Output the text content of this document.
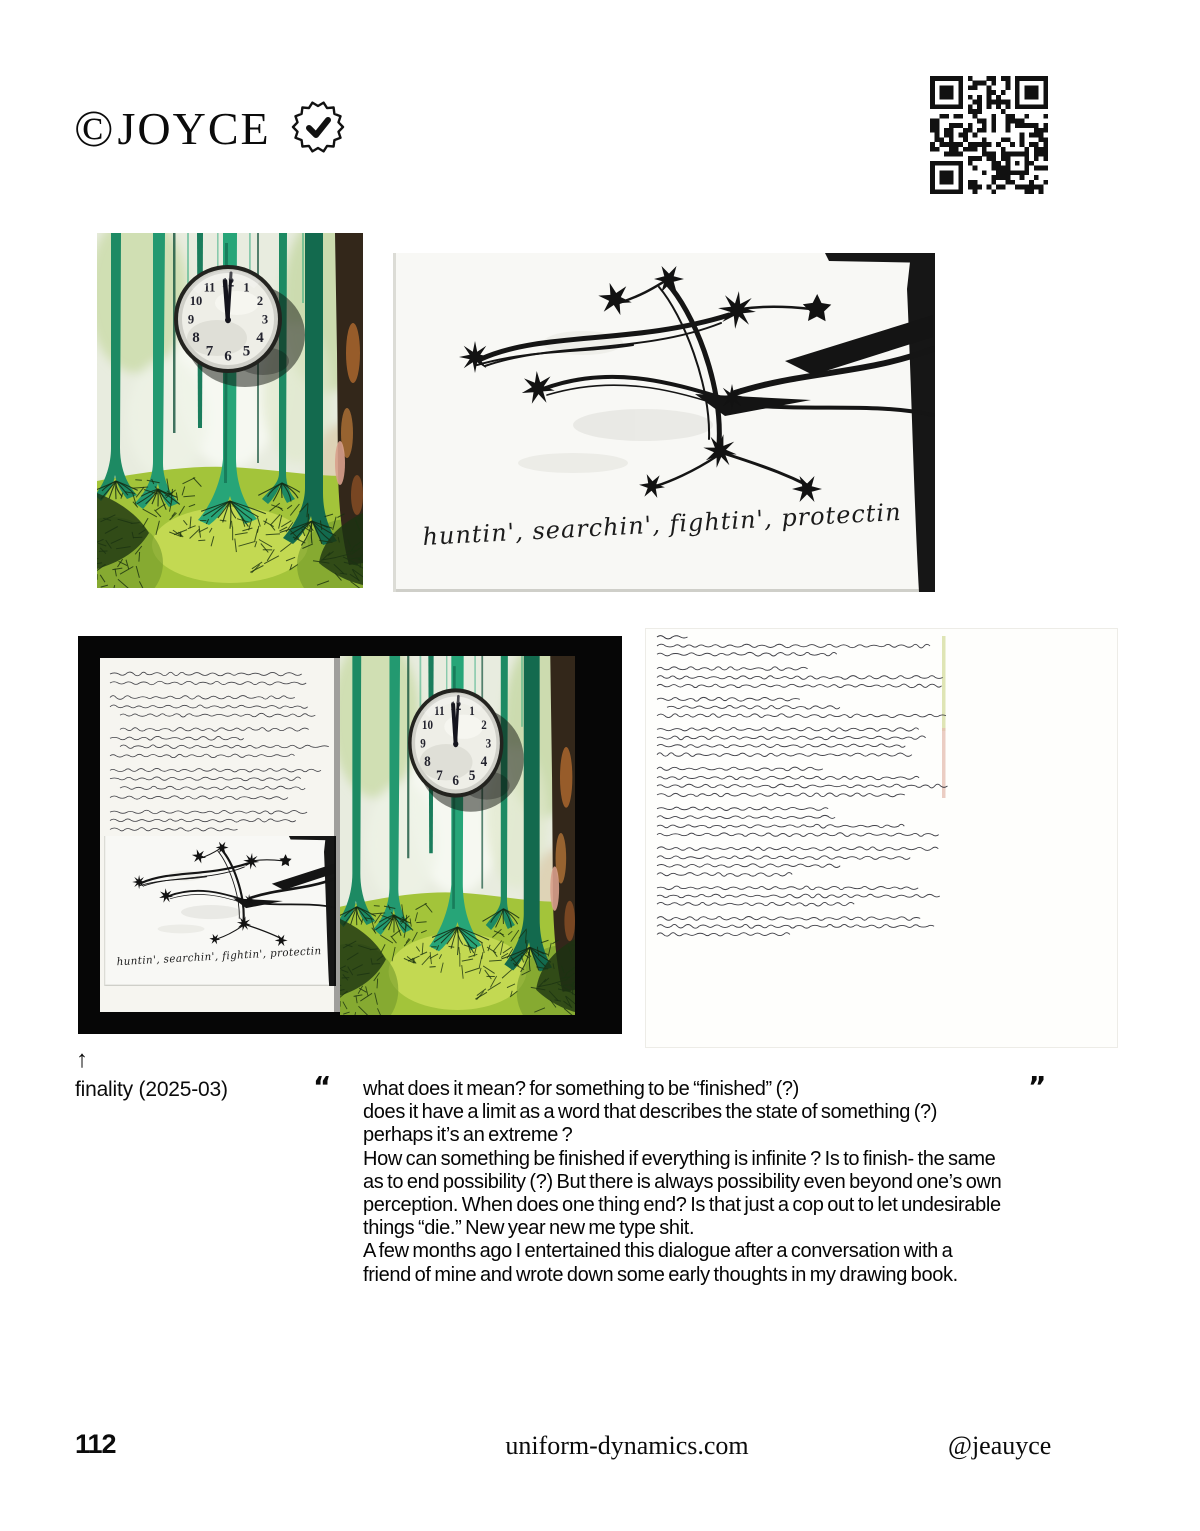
©JOYCE
↑
finality (2025-03)	“ what does it mean? for something to be “finished” (?)
does it have a limit as a word that describes the state of something (?)
perhaps it’s an extreme ?
How can something be finished if everything is infinite ? Is to finish- the same
as to end possibility (?) But there is always possibility even beyond one’s own
perception. When does one thing end? Is that just a cop out to let undesirable
things “die.” New year new me type shit.
A few months ago I entertained this dialogue after a conversation with a
friend of mine and wrote down some early thoughts in my drawing book.
”
112	uniform-dynamics.com	@jeauyce
